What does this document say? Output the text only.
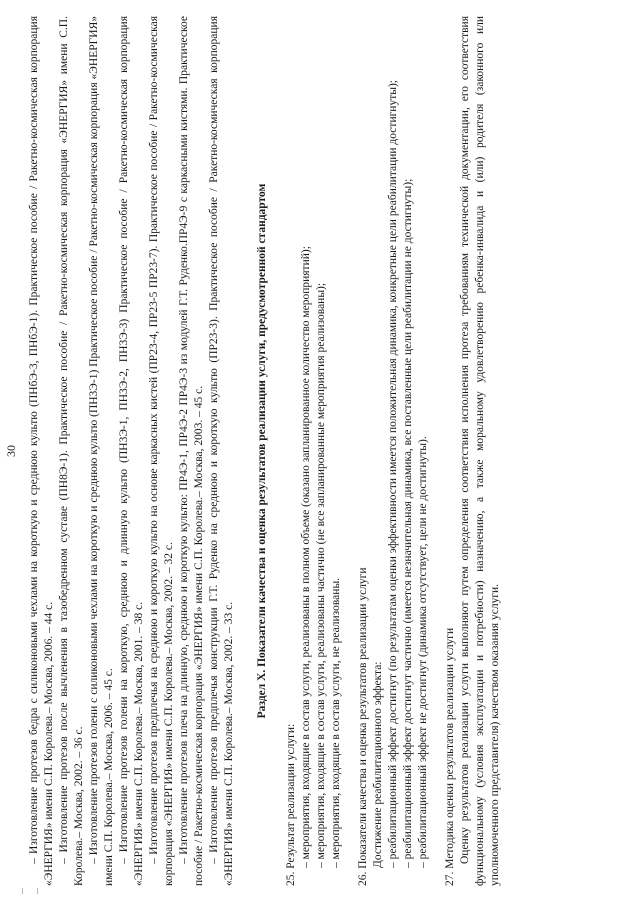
30 – Изготовление протезов бедра с силиконовыми чехлами на короткую и среднюю культю (ПНбЭ-3, ПНбЭ-1). Практическое пособие / Ракетно-космическая корпорация «ЭНЕРГИЯ» имени С.П. Королева.– Москва, 2006. – 44 с. – Изготовление протезов после вычленения в тазобедренном суставе (ПН8Э-1). Практическое пособие / Ракетно-космическая корпорация «ЭНЕРГИЯ» имени С.П. Королева.– Москва, 2002. – 36 с. – Изготовление протезов голени с силиконовыми чехлами на короткую и среднюю культю (ПН3Э-1) Практическое пособие / Ракетно-космическая корпорация «ЭНЕРГИЯ» имени С.П. Королева.– Москва, 2006. – 45 с. – Изготовление протезов голени на короткую, среднюю и длинную культю (ПН3Э-1, ПН3Э-2, ПН3Э-3) Практическое пособие / Ракетно-космическая корпорация «ЭНЕРГИЯ» имени С.П. Королева.– Москва, 2001. – 38 с. – Изготовление протезов предплечья на среднюю и короткую культю на основе каркасных кистей (ПР23-4, ПР23-5 ПР23-7). Практическое пособие / Ракетно-космическая корпорация «ЭНЕРГИЯ» имени С.П. Королева.– Москва, 2002. – 32 с. – Изготовление протезов плеча на длинную, среднюю и короткую культю: ПР4Э-1, ПР4Э-2 ПР4Э-3 из модулей Г.Т. Руденко.ПР4Э-9 с каркасными кистями. Практическое пособие / Ракетно-космическая корпорация «ЭНЕРГИЯ» имени С.П. Королева.– Москва, 2003. – 45 с. – Изготовление протезов предплечья конструкции Г.Т. Руденко на среднюю и короткую культю (ПР23-3). Практическое пособие / Ракетно-космическая корпорация «ЭНЕРГИЯ» имени С.П. Королева.– Москва, 2002. – 33 с.

Раздел X. Показатели качества и оценка результатов реализации услуги, предусмотренной стандартом

25. Результат реализации услуги: – мероприятия, входящие в состав услуги, реализованы в полном объеме (оказано запланированное количество мероприятий); – мероприятия, входящие в состав услуги, реализованы частично (не все запланированные мероприятия реализованы); – мероприятия, входящие в состав услуги, не реализованы. 26. Показатели качества и оценка результатов реализации услуги Достижение реабилитационного эффекта: – реабилитационный эффект достигнут (по результатам оценки эффективности имеется положительная динамика, конкретные цели реабилитации достигнуты); – реабилитационный эффект достигнут частично (имеется незначительная динамика, все поставленные цели реабилитации не достигнуты); – реабилитационный эффект не достигнут (динамика отсутствует, цели не достигнуты). 27. Методика оценки результатов реализации услуги Оценку результатов реализации услуги выполняют путем определения соответствия исполнения протеза требованиям технической документации, его соответствия функциональному (условия эксплуатации и потребности) назначению, а также моральному удовлетворению ребенка-инвалида и (или) родителя (законного или уполномоченного представителя) качеством оказания услуги.
